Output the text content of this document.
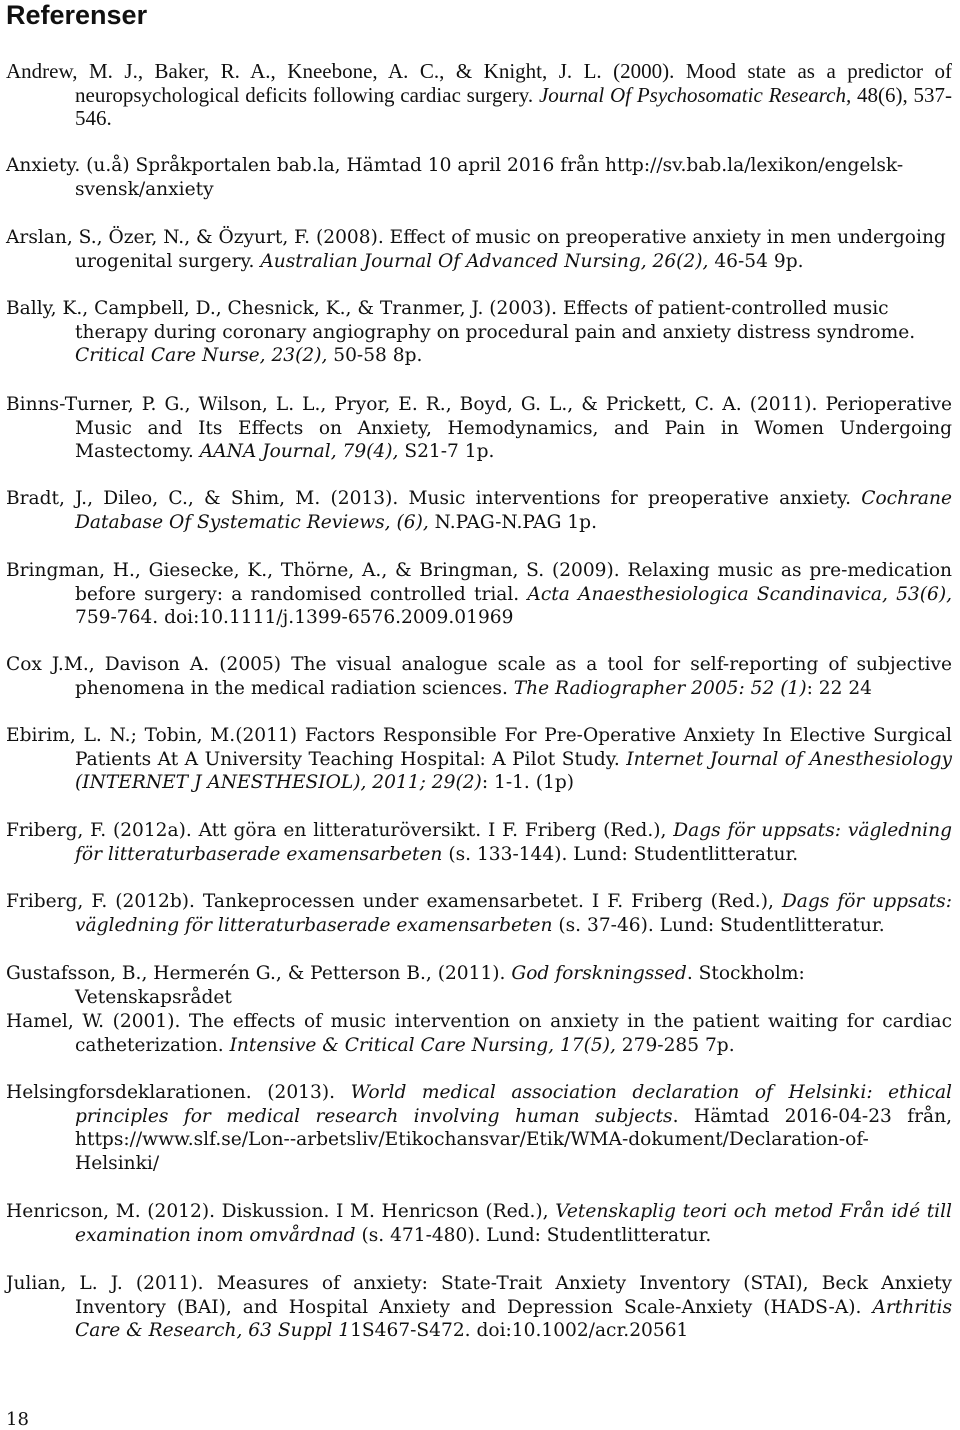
Referenser
Andrew, M. J., Baker, R. A., Kneebone, A. C., & Knight, J. L. (2000). Mood state as a predictor of neuropsychological deficits following cardiac surgery. Journal Of Psychosomatic Research, 48(6), 537-546.
Anxiety. (u.å) Språkportalen bab.la, Hämtad 10 april 2016 från http://sv.bab.la/lexikon/engelsk-svensk/anxiety
Arslan, S., Özer, N., & Özyurt, F. (2008). Effect of music on preoperative anxiety in men undergoing urogenital surgery. Australian Journal Of Advanced Nursing, 26(2), 46-54 9p.
Bally, K., Campbell, D., Chesnick, K., & Tranmer, J. (2003). Effects of patient-controlled music therapy during coronary angiography on procedural pain and anxiety distress syndrome. Critical Care Nurse, 23(2), 50-58 8p.
Binns-Turner, P. G., Wilson, L. L., Pryor, E. R., Boyd, G. L., & Prickett, C. A. (2011). Perioperative Music and Its Effects on Anxiety, Hemodynamics, and Pain in Women Undergoing Mastectomy. AANA Journal, 79(4), S21-7 1p.
Bradt, J., Dileo, C., & Shim, M. (2013). Music interventions for preoperative anxiety. Cochrane Database Of Systematic Reviews, (6), N.PAG-N.PAG 1p.
Bringman, H., Giesecke, K., Thörne, A., & Bringman, S. (2009). Relaxing music as pre-medication before surgery: a randomised controlled trial. Acta Anaesthesiologica Scandinavica, 53(6), 759-764. doi:10.1111/j.1399-6576.2009.01969
Cox J.M., Davison A. (2005) The visual analogue scale as a tool for self-reporting of subjective phenomena in the medical radiation sciences. The Radiographer 2005: 52 (1): 22 24
Ebirim, L. N.; Tobin, M.(2011) Factors Responsible For Pre-Operative Anxiety In Elective Surgical Patients At A University Teaching Hospital: A Pilot Study. Internet Journal of Anesthesiology (INTERNET J ANESTHESIOL), 2011; 29(2): 1-1. (1p)
Friberg, F. (2012a). Att göra en litteraturöversikt. I F. Friberg (Red.), Dags för uppsats: vägledning för litteraturbaserade examensarbeten (s. 133-144). Lund: Studentlitteratur.
Friberg, F. (2012b). Tankeprocessen under examensarbetet. I F. Friberg (Red.), Dags för uppsats: vägledning för litteraturbaserade examensarbeten (s. 37-46). Lund: Studentlitteratur.
Gustafsson, B., Hermerén G., & Petterson B., (2011). God forskningssed. Stockholm: Vetenskapsrådet
Hamel, W. (2001). The effects of music intervention on anxiety in the patient waiting for cardiac catheterization. Intensive & Critical Care Nursing, 17(5), 279-285 7p.
Helsingforsdeklarationen. (2013). World medical association declaration of Helsinki: ethical principles for medical research involving human subjects. Hämtad 2016-04-23 från, https://www.slf.se/Lon--arbetsliv/Etikochansvar/Etik/WMA-dokument/Declaration-of-Helsinki/
Henricson, M. (2012). Diskussion. I M. Henricson (Red.), Vetenskaplig teori och metod Från idé till examination inom omvårdnad (s. 471-480). Lund: Studentlitteratur.
Julian, L. J. (2011). Measures of anxiety: State-Trait Anxiety Inventory (STAI), Beck Anxiety Inventory (BAI), and Hospital Anxiety and Depression Scale-Anxiety (HADS-A). Arthritis Care & Research, 63 Suppl 11S467-S472. doi:10.1002/acr.20561
18
